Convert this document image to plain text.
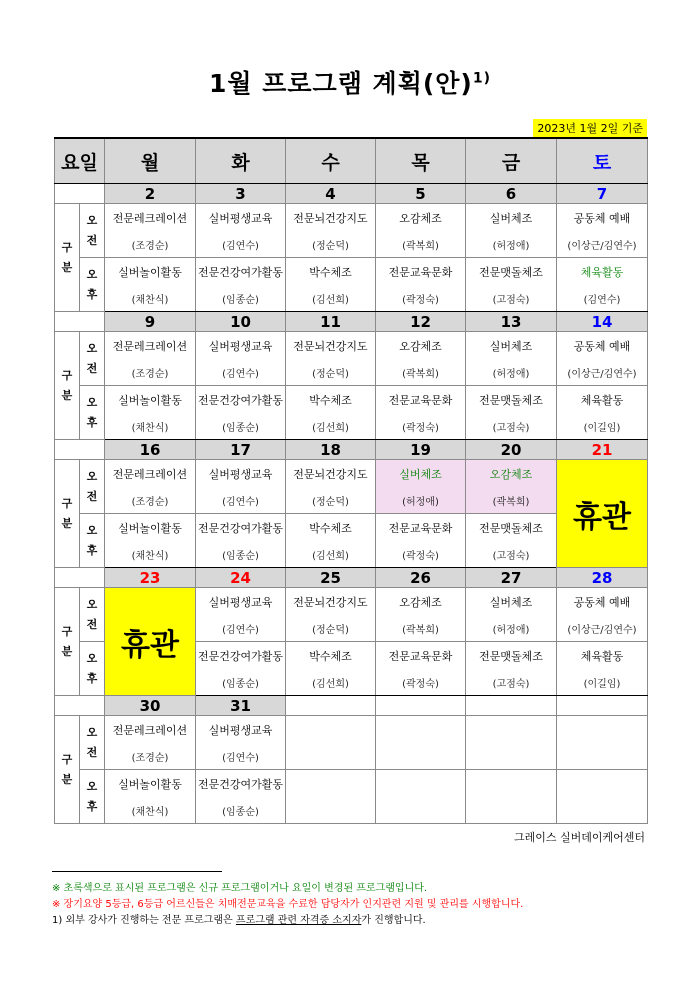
1월 프로그램 계획(안)$^{1)}$
2023년 1월 2일 기준
요일		월	화	수	목	금	토
		2	3	4	5	6	7
구
분	오
전	전문레크레이션	실버평생교육	전문뇌건강지도	오감체조	실버체조	공동체 예배
		(조경순)	(김연수)	(정순덕)	(곽복희)	(허정애)	(이상근/김연수)
	오
후	실버놀이활동	전문건강여가활동	박수체조	전문교육문화	전문맷돌체조	체육활동
		(채찬식)	(임종순)	(김선희)	(곽정숙)	(고점숙)	(김연수)
		9	10	11	12	13	14
구
분	오
전	전문레크레이션	실버평생교육	전문뇌건강지도	오감체조	실버체조	공동체 예배
		(조경순)	(김연수)	(정순덕)	(곽복희)	(허정애)	(이상근/김연수)
	오
후	실버놀이활동	전문건강여가활동	박수체조	전문교육문화	전문맷돌체조	체육활동
		(채찬식)	(임종순)	(김선희)	(곽정숙)	(고점숙)	(이길임)
		16	17	18	19	20	21
구
분	오
전	전문레크레이션	실버평생교육	전문뇌건강지도	실버체조	오감체조	휴관
		(조경순)	(김연수)	(정순덕)	(허정애)	(곽복희)	
	오
후	실버놀이활동	전문건강여가활동	박수체조	전문교육문화	전문맷돌체조	
		(채찬식)	(임종순)	(김선희)	(곽정숙)	(고점숙)	
		23	24	25	26	27	28
구
분	오
전	휴관	실버평생교육	전문뇌건강지도	오감체조	실버체조	공동체 예배
			(김연수)	(정순덕)	(곽복희)	(허정애)	(이상근/김연수)
	오
후		전문건강여가활동	박수체조	전문교육문화	전문맷돌체조	체육활동
			(임종순)	(김선희)	(곽정숙)	(고점숙)	(이길임)
		30	31				
구
분	오
전	전문레크레이션	실버평생교육				
		(조경순)	(김연수)				
	오
후	실버놀이활동	전문건강여가활동				
		(채찬식)	(임종순)				
그레이스 실버데이케어센터
※ 초록색으로 표시된 프로그램은 신규 프로그램이거나 요일이 변경된 프로그램입니다.
※ 장기요양 5등급, 6등급 어르신들은 치매전문교육을 수료한 담당자가 인지관련 지원 및 관리를 시행합니다.
1) 외부 강사가 진행하는 전문 프로그램은 프로그램 관련 자격증 소지자가 진행합니다.
